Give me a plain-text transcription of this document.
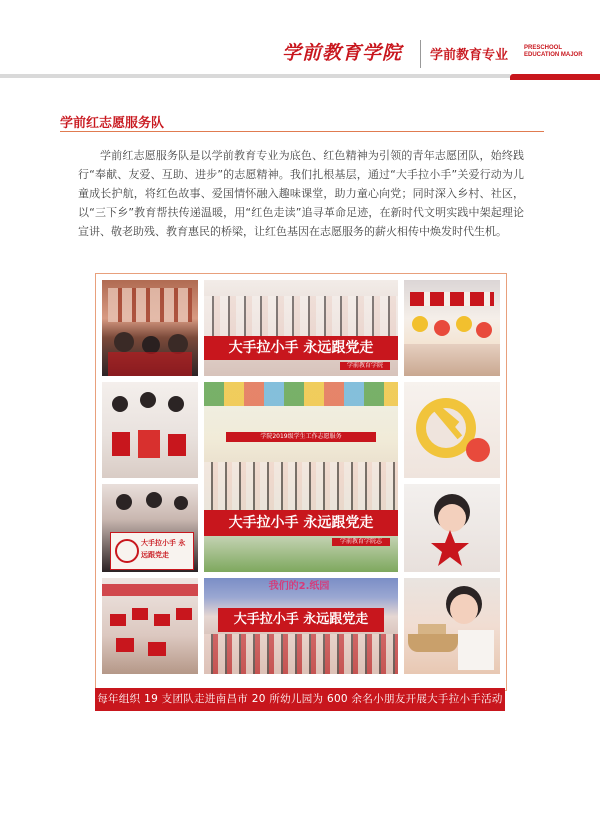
学前教育学院 学前教育专业	PRESCHOOL
EDUCATION MAJOR
学前红志愿服务队
学前红志愿服务队是以学前教育专业为底色、红色精神为引领的青年志愿团队，始终践行“奉献、友爱、互助、进步”的志愿精神。我们扎根基层，通过“大手拉小手”关爱行动为儿童成长护航，将红色故事、爱国情怀融入趣味课堂，助力童心向党；同时深入乡村、社区，以“三下乡”教育帮扶传递温暖，用“红色走读”追寻革命足迹，在新时代文明实践中架起理论宣讲、敬老助残、教育惠民的桥梁，让红色基因在志愿服务的薪火相传中焕发时代生机。
大手拉小手 永远跟党走
学前教育学院
学院2019级学生工作志愿服务
大手拉小手 永远跟党走
学前教育学院志
大手拉小手 永远跟党走
我们的2.纸园
大手拉小手 永远跟党走
每年组织 19 支团队走进南昌市 20 所幼儿园为 600 余名小朋友开展大手拉小手活动
